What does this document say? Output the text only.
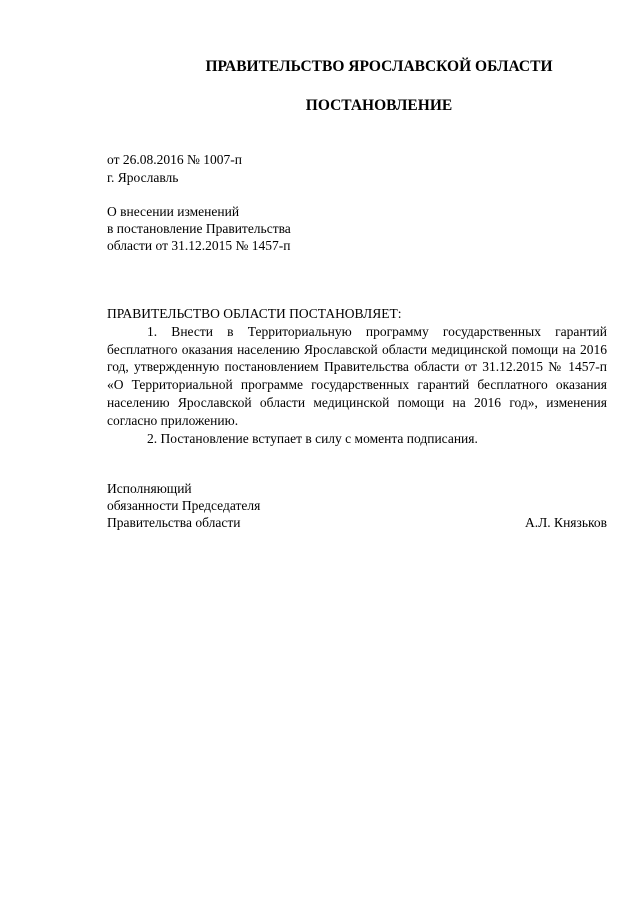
ПРАВИТЕЛЬСТВО ЯРОСЛАВСКОЙ ОБЛАСТИ
ПОСТАНОВЛЕНИЕ
от 26.08.2016 № 1007-п
г. Ярославль
О внесении изменений
в постановление Правительства
области от 31.12.2015 № 1457-п

ПРАВИТЕЛЬСТВО ОБЛАСТИ ПОСТАНОВЛЯЕТ:

1. Внести в Территориальную программу государственных гарантий бесплатного оказания населению Ярославской области медицинской помощи на 2016 год, утвержденную постановлением Правительства области от 31.12.2015 № 1457-п «О Территориальной программе государственных гарантий бесплатного оказания населению Ярославской области медицинской помощи на 2016 год», изменения согласно приложению.

2. Постановление вступает в силу с момента подписания.

Исполняющий
обязанности Председателя
Правительства области	А.Л. Князьков
